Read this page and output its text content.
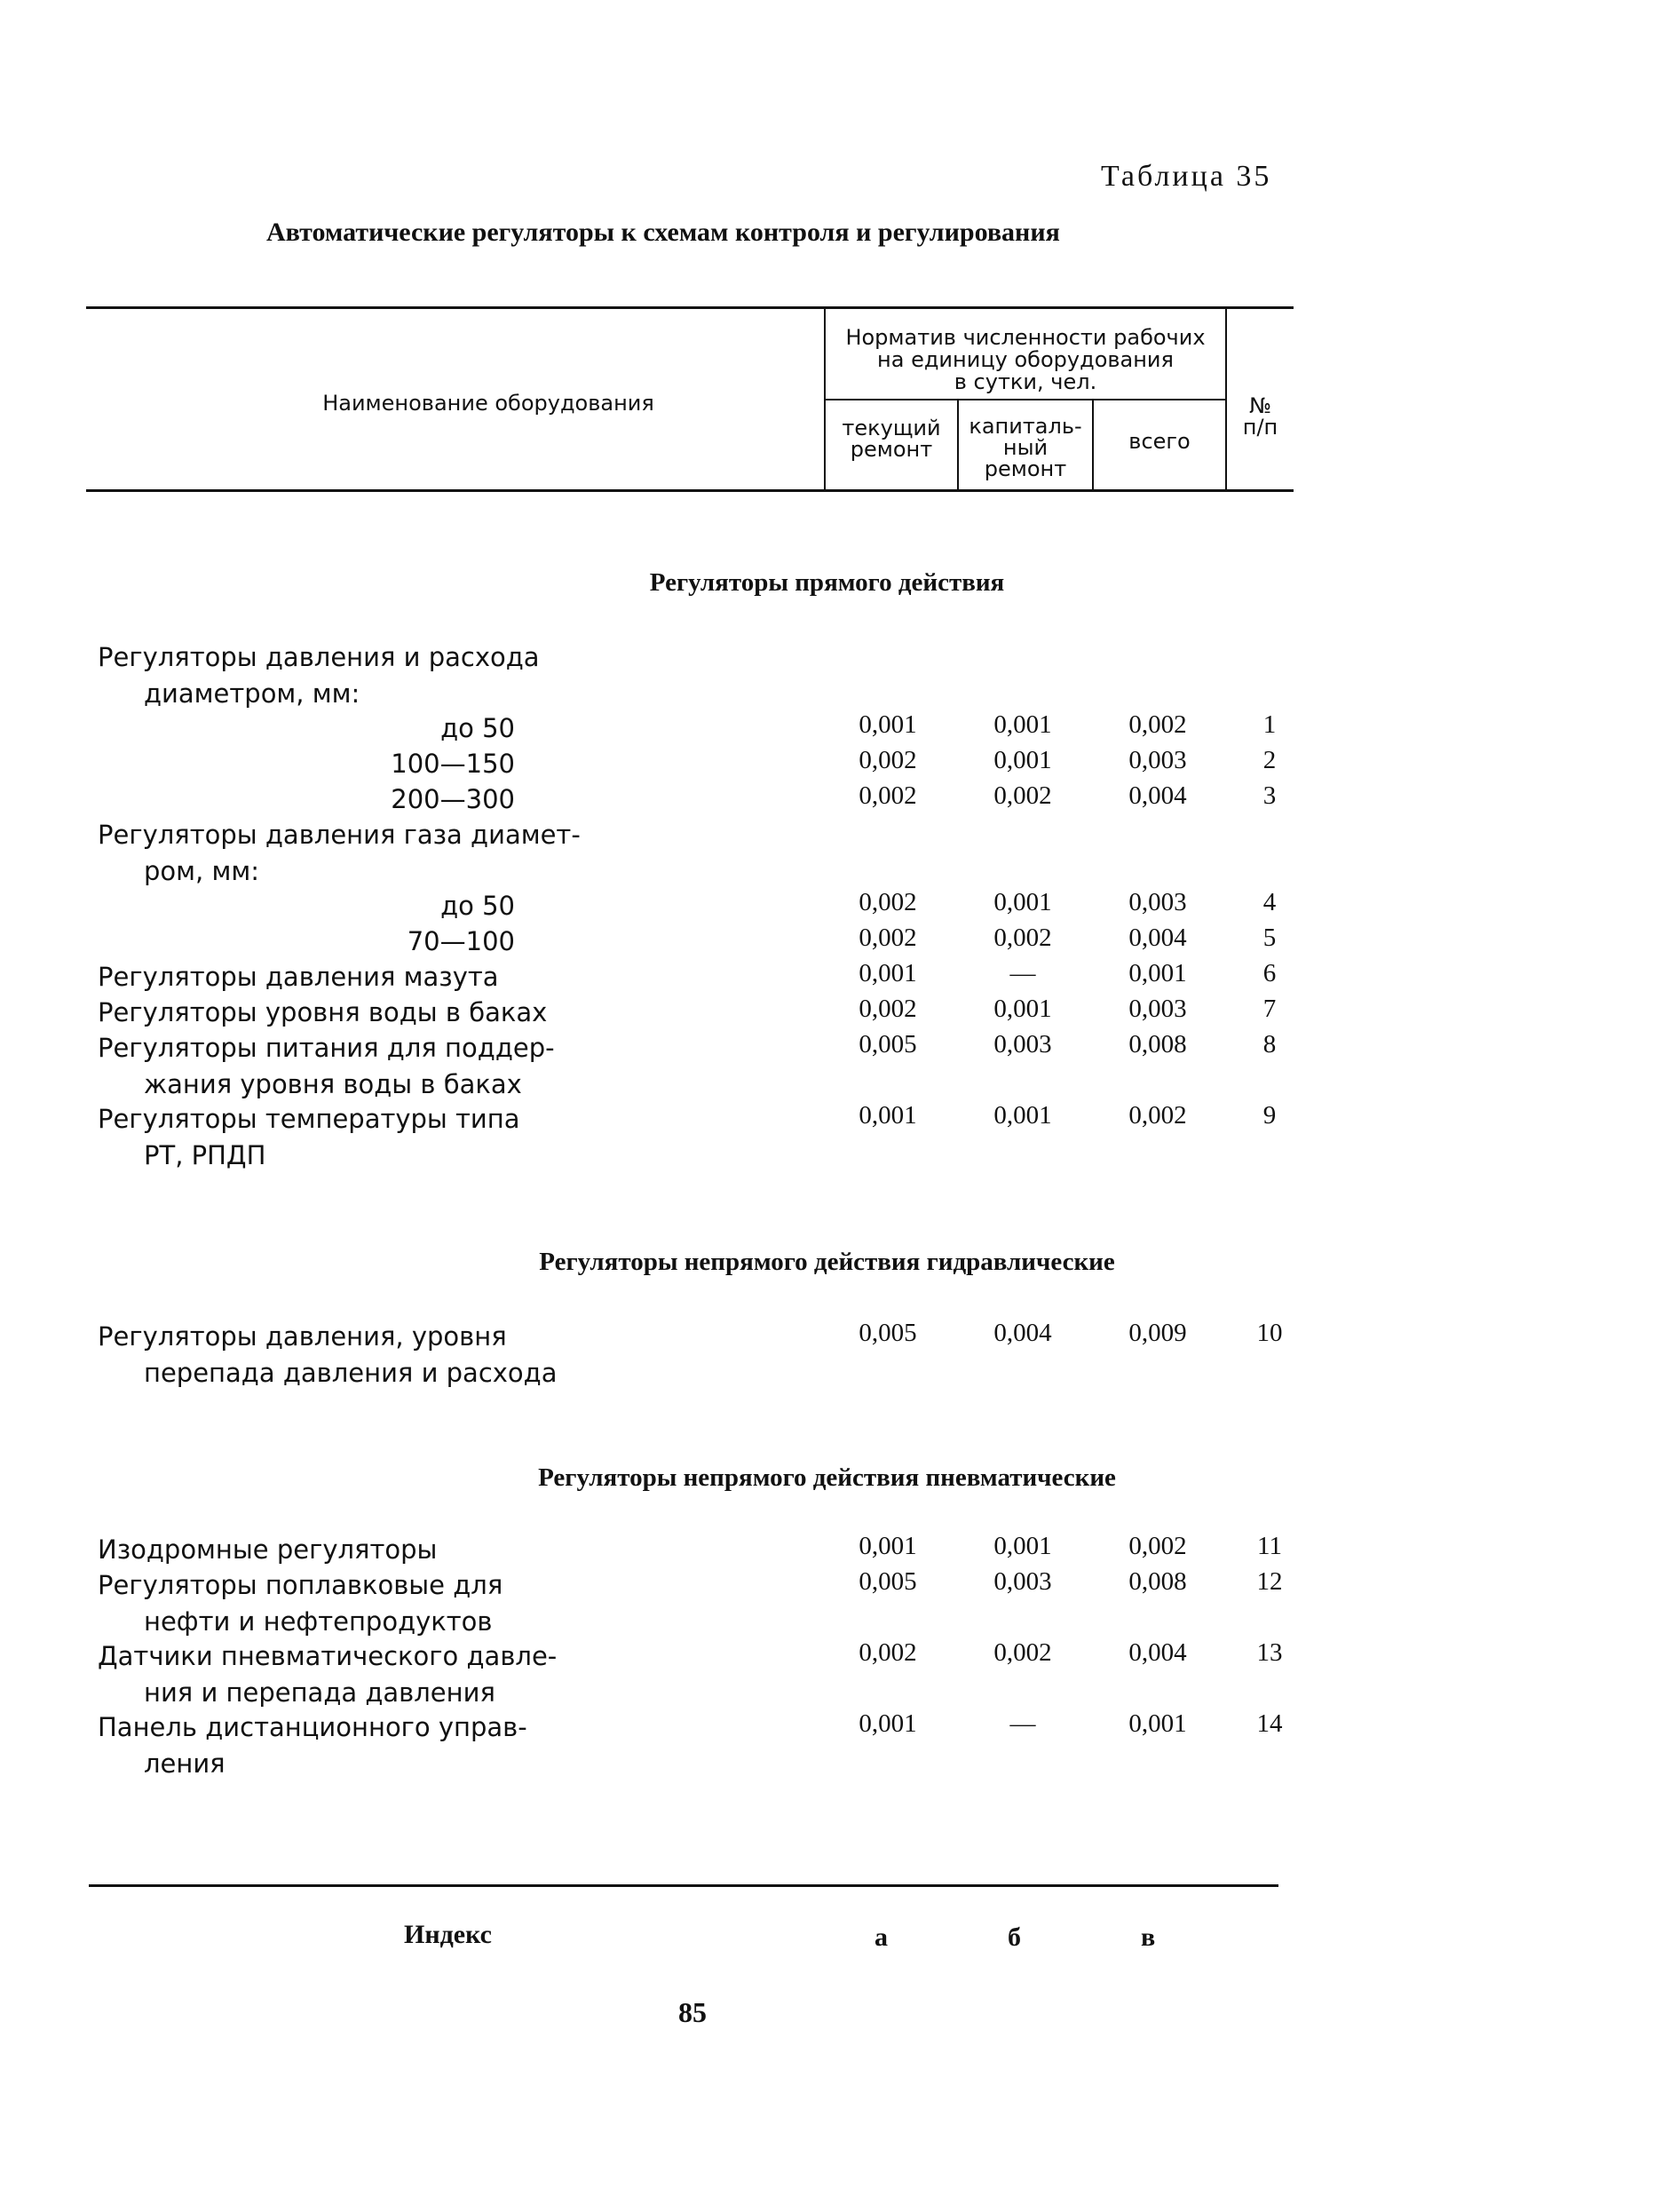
Таблица 35
Автоматические регуляторы к схемам контроля и регулирования
Наименование оборудования
Норматив численности рабочих
на единицу оборудования
в сутки, чел.
текущий
ремонт
капиталь-
ный
ремонт
всего
№
п/п
Регуляторы прямого действия
Регуляторы давления и расхода
диаметром, мм:
до 50	0,001	0,001	0,002	1
100—150	0,002	0,001	0,003	2
200—300	0,002	0,002	0,004	3
Регуляторы давления газа диамет-
ром, мм:
до 50	0,002	0,001	0,003	4
70—100	0,002	0,002	0,004	5
Регуляторы давления мазута	0,001	—	0,001	6
Регуляторы уровня воды в баках	0,002	0,001	0,003	7
Регуляторы питания для поддер-
жания уровня воды в баках
0,005	0,003	0,008	8
Регуляторы температуры типа
РТ, РПДП
0,001	0,001	0,002	9
Регуляторы непрямого действия гидравлические
Регуляторы давления, уровня
перепада давления и расхода
0,005	0,004	0,009	10
Регуляторы непрямого действия пневматические
Изодромные регуляторы	0,001	0,001	0,002	11
Регуляторы поплавковые для
нефти и нефтепродуктов
0,005	0,003	0,008	12
Датчики пневматического давле-
ния и перепада давления
0,002	0,002	0,004	13
Панель дистанционного управ-
ления
0,001	—	0,001	14
Индекс	а	б	в
85
